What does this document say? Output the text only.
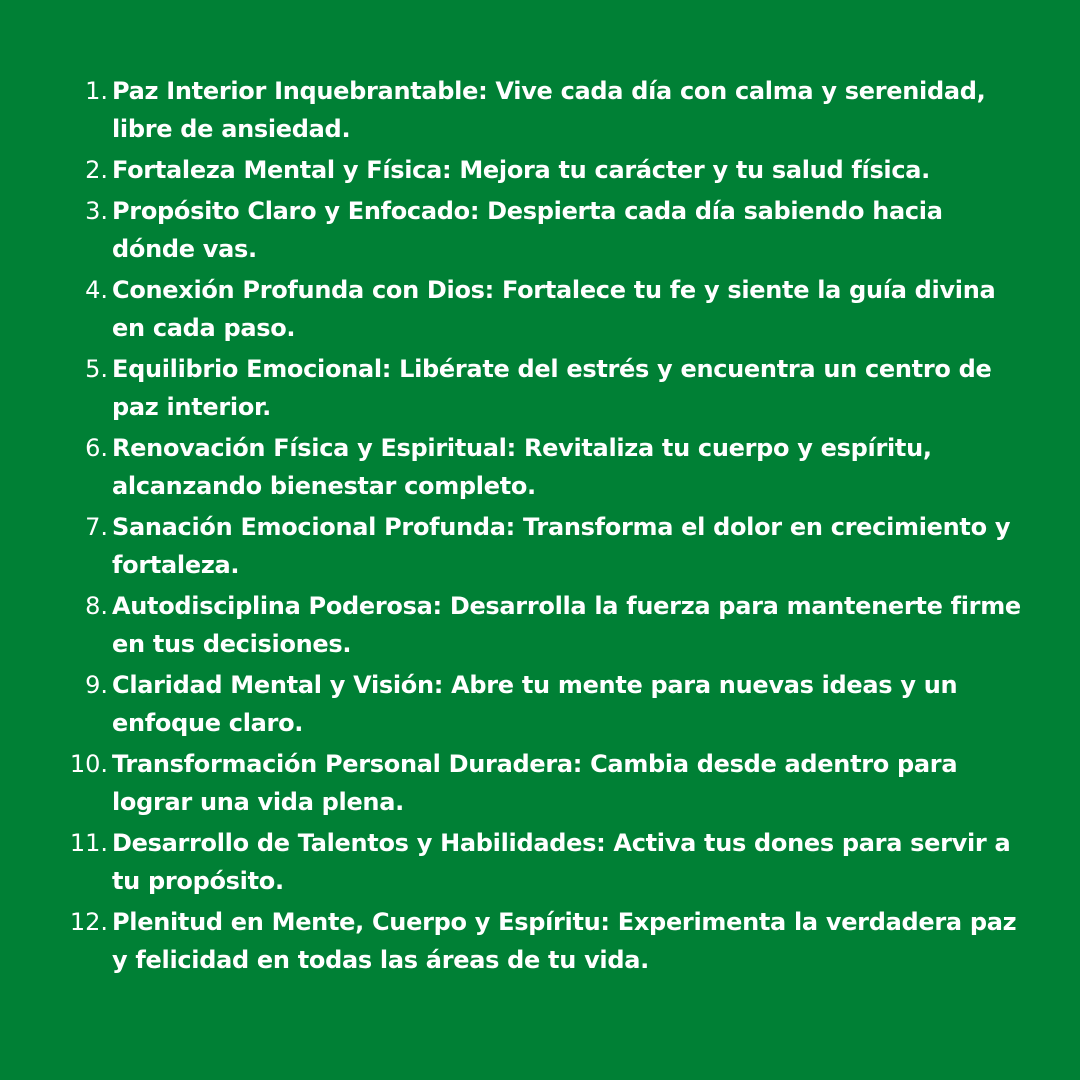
1. Paz Interior Inquebrantable: Vive cada día con calma y serenidad, libre de ansiedad.
2. Fortaleza Mental y Física: Mejora tu carácter y tu salud física.
3. Propósito Claro y Enfocado: Despierta cada día sabiendo hacia dónde vas.
4. Conexión Profunda con Dios: Fortalece tu fe y siente la guía divina en cada paso.
5. Equilibrio Emocional: Libérate del estrés y encuentra un centro de paz interior.
6. Renovación Física y Espiritual: Revitaliza tu cuerpo y espíritu, alcanzando bienestar completo.
7. Sanación Emocional Profunda: Transforma el dolor en crecimiento y fortaleza.
8. Autodisciplina Poderosa: Desarrolla la fuerza para mantenerte firme en tus decisiones.
9. Claridad Mental y Visión: Abre tu mente para nuevas ideas y un enfoque claro.
10. Transformación Personal Duradera: Cambia desde adentro para lograr una vida plena.
11. Desarrollo de Talentos y Habilidades: Activa tus dones para servir a tu propósito.
12. Plenitud en Mente, Cuerpo y Espíritu: Experimenta la verdadera paz y felicidad en todas las áreas de tu vida.
